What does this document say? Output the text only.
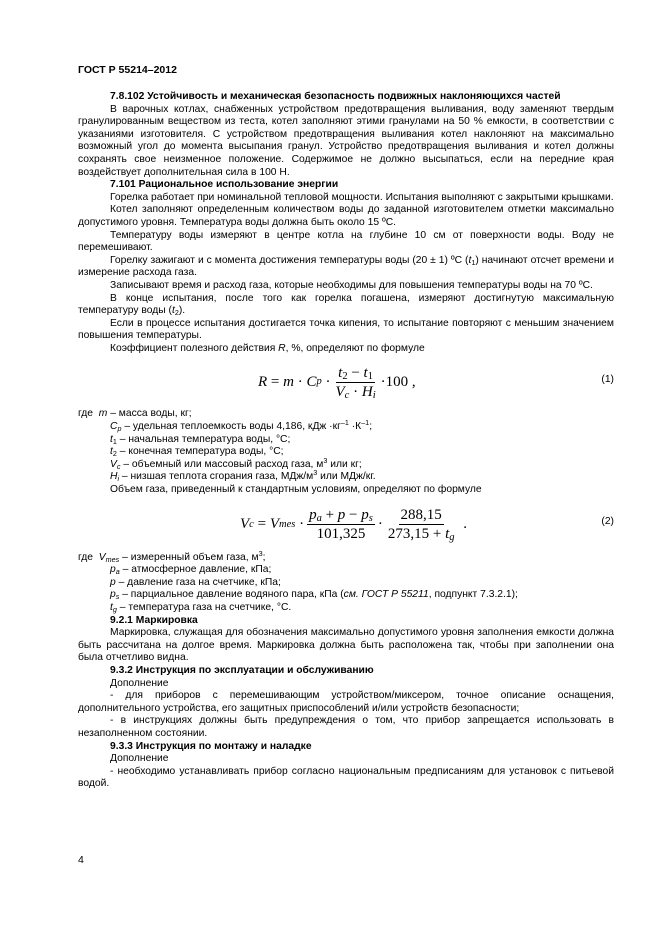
ГОСТ Р 55214–2012

7.8.102 Устойчивость и механическая безопасность подвижных наклоняющихся частей

В варочных котлах, снабженных устройством предотвращения выливания, воду заменяют твердым гранулированным веществом из теста, котел заполняют этими гранулами на 50 % емкости, в соответствии с указаниями изготовителя. С устройством предотвращения выливания котел наклоняют на максимально возможный угол до момента высыпания гранул. Устройство предотвращения выливания и котел должны сохранять свое неизменное положение. Содержимое не должно высыпаться, если на передние края воздействует дополнительная сила в 100 Н.

7.101 Рациональное использование энергии

Горелка работает при номинальной тепловой мощности. Испытания выполняют с закрытыми крышками.

Котел заполняют определенным количеством воды до заданной изготовителем отметки максимально допустимого уровня. Температура воды должна быть около 15 ºС.

Температуру воды измеряют в центре котла на глубине 10 см от поверхности воды. Воду не перемешивают.

Горелку зажигают и с момента достижения температуры воды (20 ± 1) ºС $(t_1)$ начинают отсчет времени и измерение расхода газа.

Записывают время и расход газа, которые необходимы для повышения температуры воды на 70 ºС.

В конце испытания, после того как горелка погашена, измеряют достигнутую максимальную температуру воды $(t_2)$.

Если в процессе испытания достигается точка кипения, то испытание повторяют с меньшим значением повышения температуры.

Коэффициент полезного действия R, %, определяют по формуле

R
=
m
·
C p
· $\frac{t_2 - t_1}{V_c \cdot H_i} \cdot 100$
,	(1)

где m – масса воды, кг;

$C_p$ – удельная теплоемкость воды 4,186, кДж $\cdot кг^{-1} \cdot К^{-1}$;

$t_1$ – начальная температура воды, °С;

$t_2$ – конечная температура воды, °С;

$V_c$ – объемный или массовый расход газа, $м^3$ или кг;

$H_i$ – низшая теплота сгорания газа, МДж/$м^3$ или МДж/кг.

Объем газа, приведенный к стандартным условиям, определяют по формуле

V c
=
V mes
· $\frac{p_a + p - p_s}{101,325} \cdot \frac{288,15}{273,15 + t_g}$
.	(2)

где $V_{mes}$ – измеренный объем газа, $м^3$;

$p_a$ – атмосферное давление, кПа;

p – давление газа на счетчике, кПа;

$p_s$ – парциальное давление водяного пара, кПа (см. ГОСТ Р 55211, подпункт 7.3.2.1);

$t_g$ – температура газа на счетчике, °С.

9.2.1 Маркировка

Маркировка, служащая для обозначения максимально допустимого уровня заполнения емкости должна быть рассчитана на долгое время. Маркировка должна быть расположена так, чтобы при заполнении она была отчетливо видна.

9.3.2 Инструкция по эксплуатации и обслуживанию

Дополнение

- для приборов с перемешивающим устройством/миксером, точное описание оснащения, дополнительного устройства, его защитных приспособлений и/или устройств безопасности;

- в инструкциях должны быть предупреждения о том, что прибор запрещается использовать в незаполненном состоянии.

9.3.3 Инструкция по монтажу и наладке

Дополнение

- необходимо устанавливать прибор согласно национальным предписаниям для установок с питьевой водой.

4
